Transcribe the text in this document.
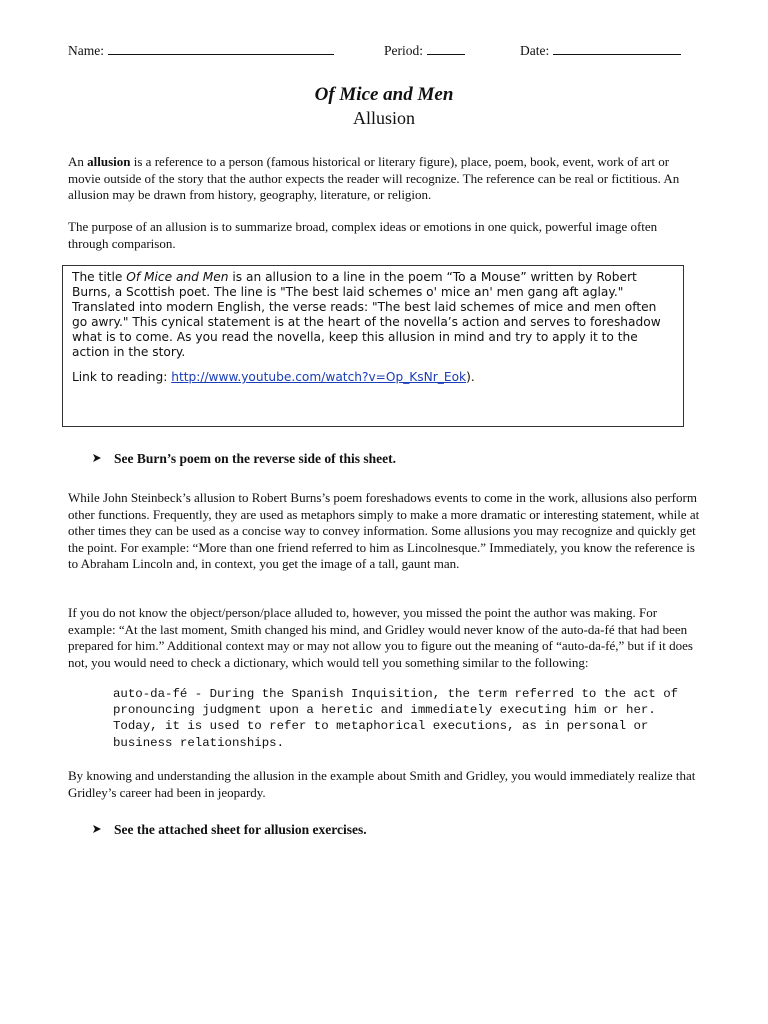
Name:	Period:	Date:
Of Mice and Men
Allusion

An allusion is a reference to a person (famous historical or literary figure), place, poem, book, event, work of art or movie outside of the story that the author expects the reader will recognize. The reference can be real or fictitious. An allusion may be drawn from history, geography, literature, or religion.

The purpose of an allusion is to summarize broad, complex ideas or emotions in one quick, powerful image often through comparison.

The title Of Mice and Men is an allusion to a line in the poem “To a Mouse” written by Robert Burns, a Scottish poet. The line is "The best laid schemes o' mice an' men gang aft aglay." Translated into modern English, the verse reads: "The best laid schemes of mice and men often go awry." This cynical statement is at the heart of the novella’s action and serves to foreshadow what is to come. As you read the novella, keep this allusion in mind and try to apply it to the action in the story.

Link to reading: http://www.youtube.com/watch?v=Op_KsNr_Eok).

See Burn’s poem on the reverse side of this sheet.

While John Steinbeck’s allusion to Robert Burns’s poem foreshadows events to come in the work, allusions also perform other functions. Frequently, they are used as metaphors simply to make a more dramatic or interesting statement, while at other times they can be used as a concise way to convey information. Some allusions you may recognize and quickly get the point. For example: “More than one friend referred to him as Lincolnesque.” Immediately, you know the reference is to Abraham Lincoln and, in context, you get the image of a tall, gaunt man.

If you do not know the object/person/place alluded to, however, you missed the point the author was making. For example: “At the last moment, Smith changed his mind, and Gridley would never know of the auto-da-fé that had been prepared for him.” Additional context may or may not allow you to figure out the meaning of “auto-da-fé,” but if it does not, you would need to check a dictionary, which would tell you something similar to the following:

auto-da-fé - During the Spanish Inquisition, the term referred to the act of pronouncing judgment upon a heretic and immediately executing him or her. Today, it is used to refer to metaphorical executions, as in personal or business relationships.

By knowing and understanding the allusion in the example about Smith and Gridley, you would immediately realize that Gridley’s career had been in jeopardy.

See the attached sheet for allusion exercises.
